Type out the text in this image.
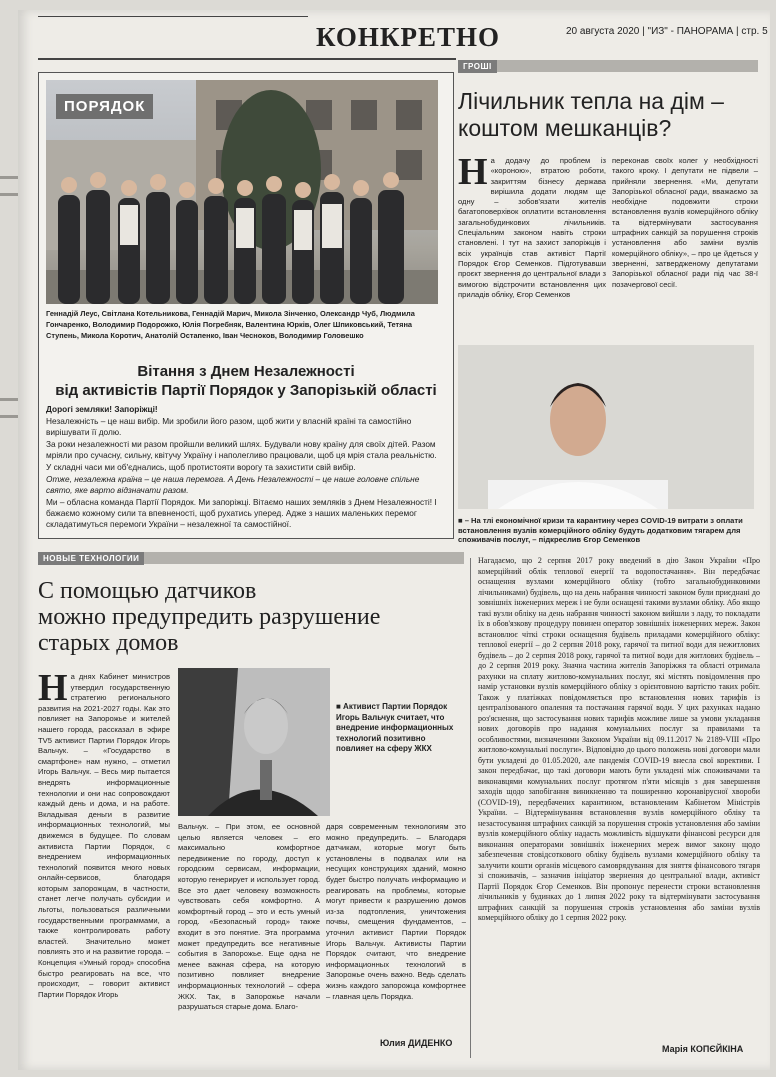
КОНКРЕТНО	20 августа 2020 | "ИЗ" - ПАНОРАМА | стр. 5
ПОРЯДОК
Геннадій Леус, Світлана Котельникова, Геннадій Марич, Микола Зінченко, Олександр Чуб, Людмила Гончаренко, Володимир Подорожко, Юлія Погребняк, Валентина Юрків, Олег Шпиковський, Тетяна Ступень, Микола Коротич, Анатолій Остапенко, Іван Чесноков, Володимир Головешко
Вітання з Днем Незалежності
від активістів Партії Порядок у Запорізькій області

Дорогі земляки! Запоріжці!

Незалежність – це наш вибір. Ми зробили його разом, щоб жити у власній країні та самостійно вирішувати її долю.

За роки незалежності ми разом пройшли великий шлях. Будували нову країну для своїх дітей. Разом мріяли про сучасну, сильну, квітучу Україну і наполегливо працювали, щоб ця мрія стала реальністю.

У складні часи ми об'єднались, щоб протистояти ворогу та захистити свій вибір.

Отже, незалежна країна – це наша перемога. А День Незалежності – це наше головне спільне свято, яке варто відзначати разом.

Ми – обласна команда Партії Порядок. Ми запоріжці. Вітаємо наших земляків з Днем Незалежності! І бажаємо кожному сили та впевненості, щоб рухатись уперед. Адже з наших маленьких перемог складатимуться перемоги України – незалежної та самостійної.

ГРОШІ
Лічильник тепла на дім –
коштом мешканців?
На додачу до проблем із «короною», втратою роботи, закриттям бізнесу держава вирішила додати людям ще одну – зобов'язати жителів багатоповерхівок оплатити встановлення загальнобудинкових лічильників. Спеціальним законом навіть строки становлені. І тут на захист запоріжців і всіх українців став активіст Партії Порядок Єгор Семенков. Підготувавши проєкт звернення до центральної влади з вимогою відстрочити встановлення цих приладів обліку, Єгор Семенков
переконав своїх колег у необхідності такого кроку. І депутати не підвели – прийняли звернення. «Ми, депутати Запорізької обласної ради, вважаємо за необхідне подовжити строки встановлення вузлів комерційного обліку та відтермінувати застосування штрафних санкцій за порушення строків установлення або заміни вузлів комерційного обліку», – про це йдеться у зверненні, затвердженому депутатами Запорізької обласної ради під час 38-ї позачергової сесії.
■ – На тлі економічної кризи та карантину через COVID-19 витрати з оплати встановлення вузлів комерційного обліку будуть додатковим тягарем для споживачів послуг, – підкреслив Єгор Семенков
Нагадаємо, що 2 серпня 2017 року введений в дію Закон України «Про комерційний облік теплової енергії та водопостачання». Він передбачає оснащення вузлами комерційного обліку (тобто загальнобудинковими лічильниками) будівель, що на день набрання чинності законом були приєднані до зовнішніх інженерних мереж і не були оснащені такими вузлами обліку. Або якщо такі вузли обліку на день набрання чинності законом вийшли з ладу, то покладати їх в обов'язкову процедуру повинен оператор зовнішніх інженерних мереж. Закон встановлює чіткі строки оснащення будівель приладами комерційного обліку: теплової енергії – до 2 серпня 2018 року, гарячої та питної води для нежитлових будівель – до 2 серпня 2018 року, гарячої та питної води для житлових будівель – до 2 серпня 2019 року. Значна частина жителів Запоріжжя та області отримала рахунки на сплату житлово-комунальних послуг, які містять повідомлення про намір установки вузлів комерційного обліку з орієнтовною вартістю таких робіт. Також у платіжках повідомляється про встановлення нових тарифів із централізованого опалення та постачання гарячої води. У цих рахунках надано роз'яснення, що застосування нових тарифів можливе лише за умови укладання нових договорів про надання комунальних послуг за правилами та особливостями, визначеними Законом України від 09.11.2017 № 2189-VIII «Про житлово-комунальні послуги». Відповідно до цього положень нові договори мали бути укладені до 01.05.2020, але пандемія COVID-19 внесла свої корективи. І закон передбачає, що такі договори мають бути укладені між споживачами та виконавцями комунальних послуг протягом п'яти місяців з дня завершення заходів щодо запобігання виникненню та поширенню коронавірусної хвороби (COVID-19), передбачених карантином, встановленим Кабінетом Міністрів України. – Відтермінування встановлення вузлів комерційного обліку та незастосування штрафних санкцій за порушення строків установлення або заміни вузлів комерційного обліку надасть можливість відшукати фінансові ресурси для виконання операторами зовнішніх інженерних мереж вимог закону щодо забезпечення стовідсоткового обліку будівель вузлами комерційного обліку та залучити кошти органів місцевого самоврядування для зняття фінансового тягаря зі споживачів, – зазначив ініціатор звернення до центральної влади, активіст Партії Порядок Єгор Семенков. Він пропонує перенести строки встановлення лічильників у будинках до 1 липня 2022 року та відтермінувати застосування штрафних санкцій за порушення строків установлення або заміни вузлів комерційного обліку до 1 серпня 2022 року.
Марія КОПЄЙКІНА
НОВЫЕ ТЕХНОЛОГИИ
С помощью датчиков
можно предупредить разрушение
старых домов
На днях Кабинет министров утвердил государственную стратегию регионального развития на 2021-2027 годы. Как это повлияет на Запорожье и жителей нашего города, рассказал в эфире TV5 активист Партии Порядок Игорь Вальчук. – «Государство в смартфоне» нам нужно, – отметил Игорь Вальчук. – Весь мир пытается внедрять информационные технологии и они нас сопровождают каждый день и дома, и на работе. Вкладывая деньги в развитие информационных технологий, мы движемся в будущее. По словам активиста Партии Порядок, с внедрением информационных технологий появится много новых онлайн-сервисов, благодаря которым запорожцам, в частности, станет легче получать субсидии и льготы, пользоваться различными государственными программами, а также контролировать работу властей. Значительно может повлиять это и на развитие города. – Концепция «Умный город» способна быстро реагировать на все, что происходит, – говорит активист Партии Порядок Игорь
■ Активист Партии Порядок Игорь Вальчук считает, что внедрение информационных технологий позитивно повлияет на сферу ЖКХ
Вальчук. – При этом, ее основной целью является человек – его максимально комфортное передвижение по городу, доступ к городским сервисам, информации, которую генерирует и использует город. Все это дает человеку возможность чувствовать себя комфортно. А комфортный город – это и есть умный город. «Безопасный город» также входит в это понятие. Эта программа может предупредить все негативные события в Запорожье. Еще одна не менее важная сфера, на которую позитивно повлияет внедрение информационных технологий – сфера ЖКХ. Так, в Запорожье начали разрушаться старые дома. Благо-
даря современным технологиям это можно предупредить. – Благодаря датчикам, которые могут быть установлены в подвалах или на несущих конструкциях зданий, можно будет быстро получать информацию и реагировать на проблемы, которые могут привести к разрушению домов из-за подтопления, уничтожения почвы, смещения фундаментов, – уточнил активист Партии Порядок Игорь Вальчук. Активисты Партии Порядок считают, что внедрение информационных технологий в Запорожье очень важно. Ведь сделать жизнь каждого запорожца комфортнее – главная цель Порядка.
Юлия ДИДЕНКО
